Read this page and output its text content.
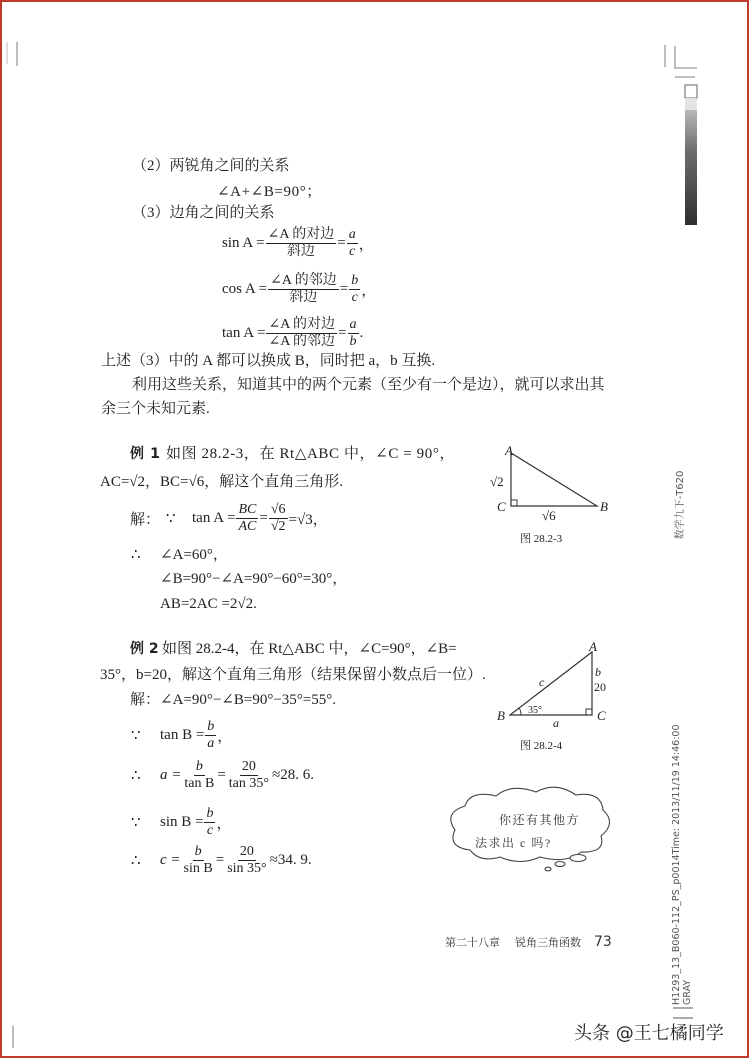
A
C	B
√2
√6
图 28.2-3
A
B	C
c
b
20
35°
a
图 28.2-4
（2）两锐角之间的关系
∠A+∠B=90°；
（3）边角之间的关系
$\sin A = \frac{\text{∠A 的对边}}{\text{斜边}} = \frac{a}{c}$ ，
$\cos A = \frac{\text{∠A 的邻边}}{\text{斜边}} = \frac{b}{c}$ ，
$\tan A = \frac{\text{∠A 的对边}}{\text{∠A 的邻边}} = \frac{a}{b}$ .
上述（3）中的 A 都可以换成 B，同时把 a，b 互换.
利用这些关系，知道其中的两个元素（至少有一个是边），就可以求出其
余三个未知元素.
例 1 如图 28.2-3，在 Rt△ABC 中，∠C = 90°，
AC=√2，BC=√6，解这个直角三角形.
解： ∵	$\tan A = \frac{BC}{AC} = \frac{√6}{√2} =√3$，
∴ ∠A=60°，
∠B=90°−∠A=90°−60°=30°，
AB=2AC =2√2.
例 2 如图 28.2-4，在 Rt△ABC 中，∠C=90°，∠B=
35°，b=20，解这个直角三角形（结果保留小数点后一位）.
解：∠A=90°−∠B=90°−35°=55°.
∵	$\tan B = \frac{b}{a}$ ，
∴	$a = \frac{b}{\text{tan B}} = \frac{20}{\tan 35^\circ} \approx 28$. 6.
∵	$\sin B = \frac{b}{c}$ ，
∴	$c = \frac{b}{\text{sin B}} = \frac{20}{\sin 35^\circ} \approx 34$. 9.
你还有其他方
法求出 c 吗?
第二十八章 锐角三角函数 73
数学九下-T620
H1293_13_B060-112_PS_p0014Time: 2013/11/19 14:46:00 GRAY
头条 @王七橘同学
